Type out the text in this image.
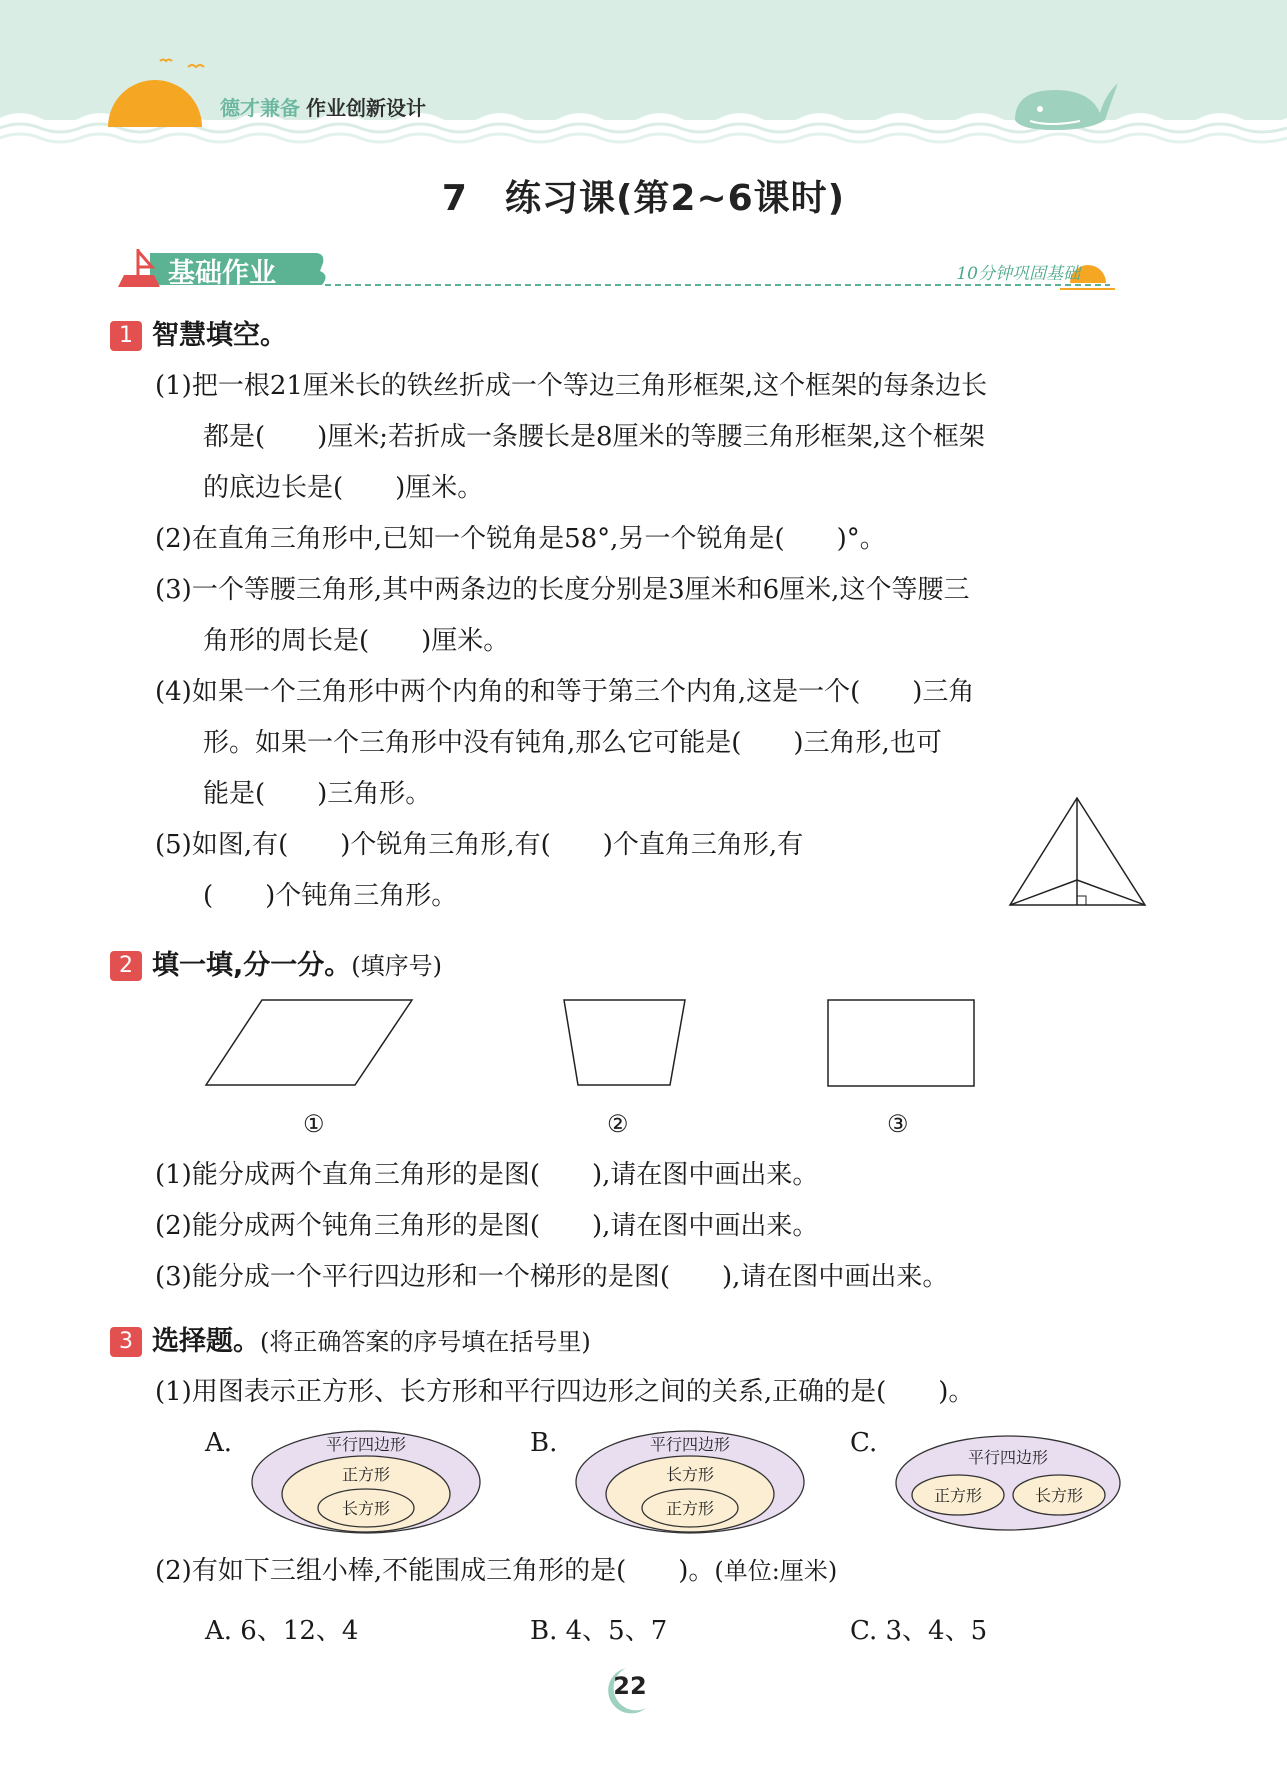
德才兼备 作业创新设计
7　练习课(第2~6课时)
基础作业	10分钟巩固基础
1 智慧填空。
(1)把一根21厘米长的铁丝折成一个等边三角形框架,这个框架的每条边长
都是(　　)厘米;若折成一条腰长是8厘米的等腰三角形框架,这个框架
的底边长是(　　)厘米。
(2)在直角三角形中,已知一个锐角是58°,另一个锐角是(　　)°。
(3)一个等腰三角形,其中两条边的长度分别是3厘米和6厘米,这个等腰三
角形的周长是(　　)厘米。
(4)如果一个三角形中两个内角的和等于第三个内角,这是一个(　　)三角
形。如果一个三角形中没有钝角,那么它可能是(　　)三角形,也可
能是(　　)三角形。
(5)如图,有(　　)个锐角三角形,有(　　)个直角三角形,有
(　　)个钝角三角形。
2 填一填,分一分。(填序号)
①	②	③
(1)能分成两个直角三角形的是图(　　),请在图中画出来。
(2)能分成两个钝角三角形的是图(　　),请在图中画出来。
(3)能分成一个平行四边形和一个梯形的是图(　　),请在图中画出来。
3 选择题。(将正确答案的序号填在括号里)
(1)用图表示正方形、长方形和平行四边形之间的关系,正确的是(　　)。
A.	平行四边形
正方形
长方形
B.	平行四边形
长方形
正方形
C.	平行四边形
正方形	长方形
(2)有如下三组小棒,不能围成三角形的是(　　)。(单位:厘米)
A. 6、12、4	B. 4、5、7	C. 3、4、5
22
